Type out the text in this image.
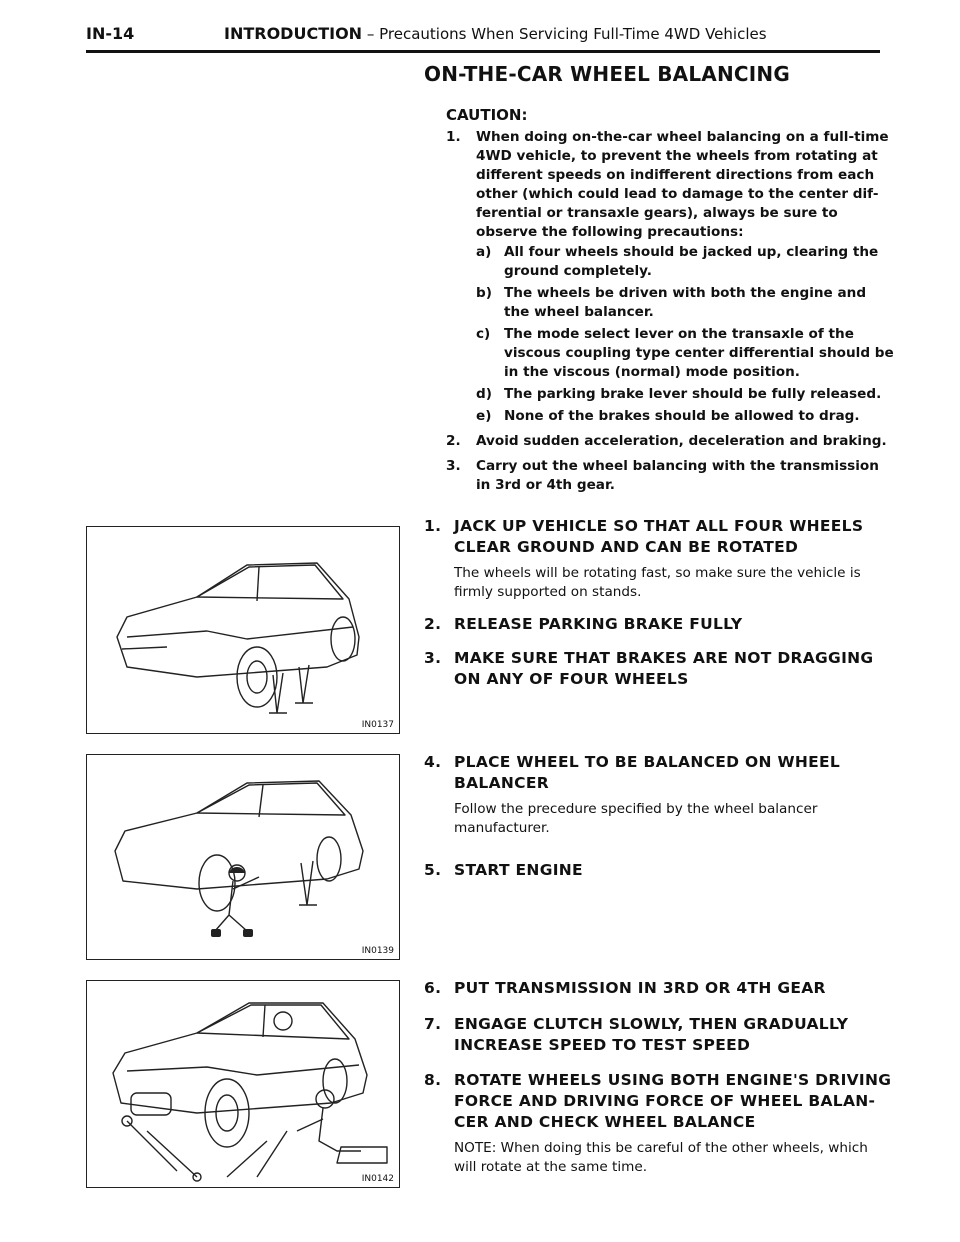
IN-14	INTRODUCTION – Precautions When Servicing Full-Time 4WD Vehicles
ON-THE-CAR WHEEL BALANCING
CAUTION:
1. When doing on-the-car wheel balancing on a full-time 4WD vehicle, to prevent the wheels from rotating at different speeds on indifferent directions from each other (which could lead to damage to the center dif-ferential or transaxle gears), always be sure to observe the following precautions:
a) All four wheels should be jacked up, clearing the ground completely.
b) The wheels be driven with both the engine and the wheel balancer.
c) The mode select lever on the transaxle of the viscous coupling type center differential should be in the viscous (normal) mode position.
d) The parking brake lever should be fully released.
e) None of the brakes should be allowed to drag.
2. Avoid sudden acceleration, deceleration and braking.
3. Carry out the wheel balancing with the transmission in 3rd or 4th gear.
1. JACK UP VEHICLE SO THAT ALL FOUR WHEELS CLEAR GROUND AND CAN BE ROTATED
The wheels will be rotating fast, so make sure the vehicle is firmly supported on stands.
2. RELEASE PARKING BRAKE FULLY
3. MAKE SURE THAT BRAKES ARE NOT DRAGGING ON ANY OF FOUR WHEELS
4. PLACE WHEEL TO BE BALANCED ON WHEEL BALANCER
Follow the precedure specified by the wheel balancer manufacturer.
5. START ENGINE
6. PUT TRANSMISSION IN 3RD OR 4TH GEAR
7. ENGAGE CLUTCH SLOWLY, THEN GRADUALLY INCREASE SPEED TO TEST SPEED
8. ROTATE WHEELS USING BOTH ENGINE'S DRIVING FORCE AND DRIVING FORCE OF WHEEL BALAN-CER AND CHECK WHEEL BALANCE
NOTE: When doing this be careful of the other wheels, which will rotate at the same time.
IN0137
IN0139
IN0142
